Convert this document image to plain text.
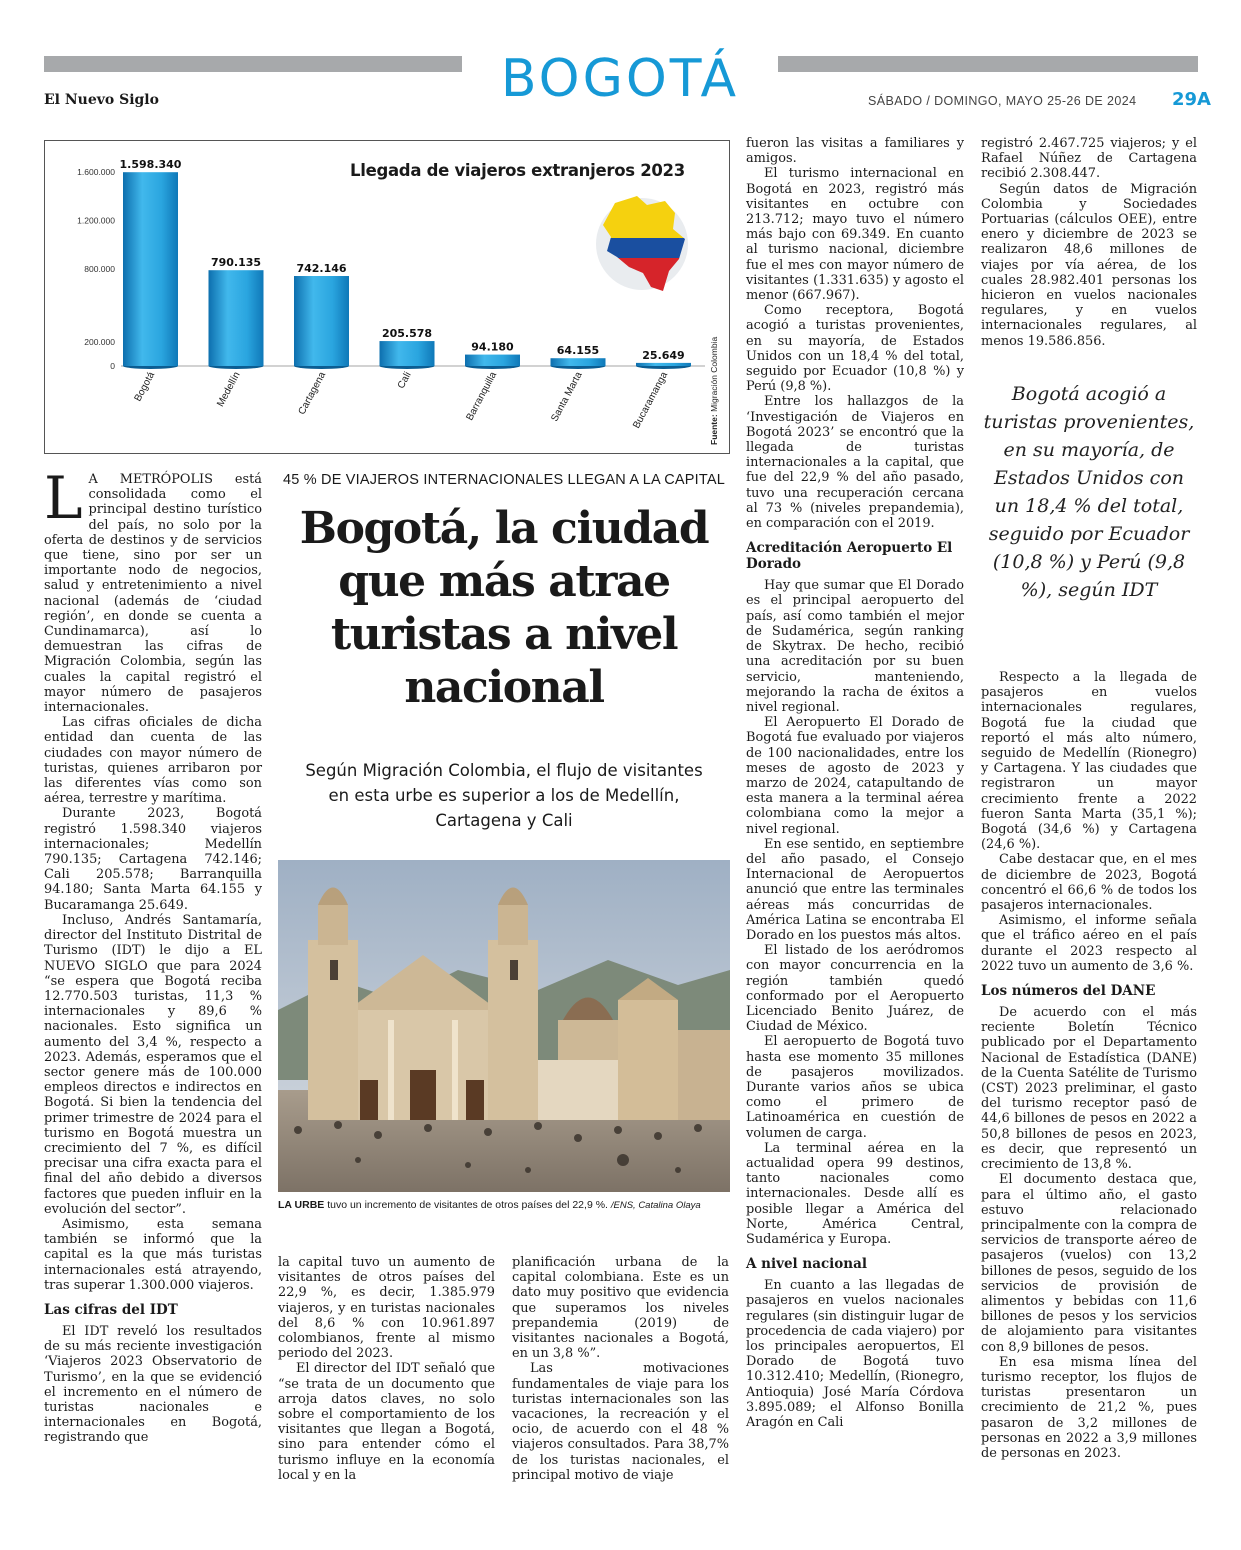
BOGOTÁ
El Nuevo Siglo	SÁBADO / DOMINGO, MAYO 25-26 DE 2024 29A
0
200.000
800.000
1.200.000
1.600.000
1.598.340
Bogotá
790.135
Medellín
742.146
Cartagena
205.578
Cali
94.180
Barranquilla
64.155
Santa Marta
25.649
Bucaramanga
Llegada de viajeros extranjeros 2023
Fuente: Migración Colombia

L A METRÓPOLIS está consolidada como el principal destino turístico del país, no solo por la oferta de destinos y de servicios que tiene, sino por ser un importante nodo de negocios, salud y entretenimiento a nivel nacional (además de ‘ciudad región’, en donde se cuenta a Cundinamarca), así lo demuestran las cifras de Migración Colombia, según las cuales la capital registró el mayor número de pasajeros internacionales.

Las cifras oficiales de dicha entidad dan cuenta de las ciudades con mayor número de turistas, quienes arribaron por las diferentes vías como son aérea, terrestre y marítima.

Durante 2023, Bogotá registró 1.598.340 viajeros internacionales; Medellín 790.135; Cartagena 742.146; Cali 205.578; Barranquilla 94.180; Santa Marta 64.155 y Bucaramanga 25.649.

Incluso, Andrés Santamaría, director del Instituto Distrital de Turismo (IDT) le dijo a EL NUEVO SIGLO que para 2024 “se espera que Bogotá reciba 12.770.503 turistas, 11,3 % internacionales y 89,6 % nacionales. Esto significa un aumento del 3,4 %, respecto a 2023. Además, esperamos que el sector genere más de 100.000 empleos directos e indirectos en Bogotá. Si bien la tendencia del primer trimestre de 2024 para el turismo en Bogotá muestra un crecimiento del 7 %, es difícil precisar una cifra exacta para el final del año debido a diversos factores que pueden influir en la evolución del sector”.

Asimismo, esta semana también se informó que la capital es la que más turistas internacionales está atrayendo, tras superar 1.300.000 viajeros.

Las cifras del IDT

El IDT reveló los resultados de su más reciente investigación ‘Viajeros 2023 Observatorio de Turismo’, en la que se evidenció el incremento en el número de turistas nacionales e internacionales en Bogotá, registrando que

45 % DE VIAJEROS INTERNACIONALES LLEGAN A LA CAPITAL
Bogotá, la ciudad que más atrae turistas a nivel nacional
Según Migración Colombia, el flujo de visitantes en esta urbe es superior a los de Medellín, Cartagena y Cali
LA URBE tuvo un incremento de visitantes de otros países del 22,9 %. /ENS, Catalina Olaya

la capital tuvo un aumento de visitantes de otros países del 22,9 %, es decir, 1.385.979 viajeros, y en turistas nacionales del 8,6 % con 10.961.897 colombianos, frente al mismo periodo del 2023.

El director del IDT señaló que “se trata de un documento que arroja datos claves, no solo sobre el comportamiento de los visitantes que llegan a Bogotá, sino para entender cómo el turismo influye en la economía local y en la

planificación urbana de la capital colombiana. Este es un dato muy positivo que evidencia que superamos los niveles prepandemia (2019) de visitantes nacionales a Bogotá, en un 3,8 %”.

Las motivaciones fundamentales de viaje para los turistas internacionales son las vacaciones, la recreación y el ocio, de acuerdo con el 48 % viajeros consultados. Para 38,7% de los turistas nacionales, el principal motivo de viaje

fueron las visitas a familiares y amigos.

El turismo internacional en Bogotá en 2023, registró más visitantes en octubre con 213.712; mayo tuvo el número más bajo con 69.349. En cuanto al turismo nacional, diciembre fue el mes con mayor número de visitantes (1.331.635) y agosto el menor (667.967).

Como receptora, Bogotá acogió a turistas provenientes, en su mayoría, de Estados Unidos con un 18,4 % del total, seguido por Ecuador (10,8 %) y Perú (9,8 %).

Entre los hallazgos de la ‘Investigación de Viajeros en Bogotá 2023’ se encontró que la llegada de turistas internacionales a la capital, que fue del 22,9 % del año pasado, tuvo una recuperación cercana al 73 % (niveles prepandemia), en comparación con el 2019.

Acreditación Aeropuerto El Dorado

Hay que sumar que El Dorado es el principal aeropuerto del país, así como también el mejor de Sudamérica, según ranking de Skytrax. De hecho, recibió una acreditación por su buen servicio, manteniendo, mejorando la racha de éxitos a nivel regional.

El Aeropuerto El Dorado de Bogotá fue evaluado por viajeros de 100 nacionalidades, entre los meses de agosto de 2023 y marzo de 2024, catapultando de esta manera a la terminal aérea colombiana como la mejor a nivel regional.

En ese sentido, en septiembre del año pasado, el Consejo Internacional de Aeropuertos anunció que entre las terminales aéreas más concurridas de América Latina se encontraba El Dorado en los puestos más altos.

El listado de los aeródromos con mayor concurrencia en la región también quedó conformado por el Aeropuerto Licenciado Benito Juárez, de Ciudad de México.

El aeropuerto de Bogotá tuvo hasta ese momento 35 millones de pasajeros movilizados. Durante varios años se ubica como el primero de Latinoamérica en cuestión de volumen de carga.

La terminal aérea en la actualidad opera 99 destinos, tanto nacionales como internacionales. Desde allí es posible llegar a América del Norte, América Central, Sudamérica y Europa.

A nivel nacional

En cuanto a las llegadas de pasajeros en vuelos nacionales regulares (sin distinguir lugar de procedencia de cada viajero) por los principales aeropuertos, El Dorado de Bogotá tuvo 10.312.410; Medellín, (Rionegro, Antioquia) José María Córdova 3.895.089; el Alfonso Bonilla Aragón en Cali

registró 2.467.725 viajeros; y el Rafael Núñez de Cartagena recibió 2.308.447.

Según datos de Migración Colombia y Sociedades Portuarias (cálculos OEE), entre enero y diciembre de 2023 se realizaron 48,6 millones de viajes por vía aérea, de los cuales 28.982.401 personas los hicieron en vuelos nacionales regulares, y en vuelos internacionales regulares, al menos 19.586.856.

Bogotá acogió a turistas provenientes, en su mayoría, de Estados Unidos con un 18,4 % del total, seguido por Ecuador (10,8 %) y Perú (9,8 %), según IDT

Respecto a la llegada de pasajeros en vuelos internacionales regulares, Bogotá fue la ciudad que reportó el más alto número, seguido de Medellín (Rionegro) y Cartagena. Y las ciudades que registraron un mayor crecimiento frente a 2022 fueron Santa Marta (35,1 %); Bogotá (34,6 %) y Cartagena (24,6 %).

Cabe destacar que, en el mes de diciembre de 2023, Bogotá concentró el 66,6 % de todos los pasajeros internacionales.

Asimismo, el informe señala que el tráfico aéreo en el país durante el 2023 respecto al 2022 tuvo un aumento de 3,6 %.

Los números del DANE

De acuerdo con el más reciente Boletín Técnico publicado por el Departamento Nacional de Estadística (DANE) de la Cuenta Satélite de Turismo (CST) 2023 preliminar, el gasto del turismo receptor pasó de 44,6 billones de pesos en 2022 a 50,8 billones de pesos en 2023, es decir, que representó un crecimiento de 13,8 %.

El documento destaca que, para el último año, el gasto estuvo relacionado principalmente con la compra de servicios de transporte aéreo de pasajeros (vuelos) con 13,2 billones de pesos, seguido de los servicios de provisión de alimentos y bebidas con 11,6 billones de pesos y los servicios de alojamiento para visitantes con 8,9 billones de pesos.

En esa misma línea del turismo receptor, los flujos de turistas presentaron un crecimiento de 21,2 %, pues pasaron de 3,2 millones de personas en 2022 a 3,9 millones de personas en 2023.
